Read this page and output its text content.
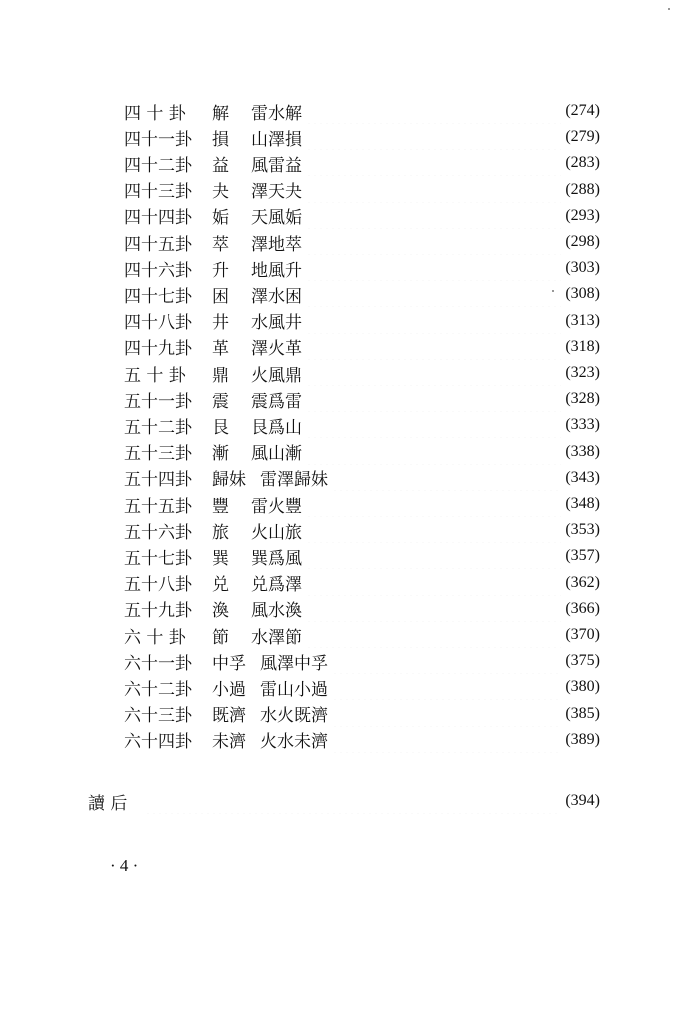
四 十 卦	解 雷水解	(274)
四十一卦	損 山澤損	(279)
四十二卦	益 風雷益	(283)
四十三卦	夬 澤天夬	(288)
四十四卦	姤 天風姤	(293)
四十五卦	萃 澤地萃	(298)
四十六卦	升 地風升	(303)
四十七卦	困 澤水困	(308)
四十八卦	井 水風井	(313)
四十九卦	革 澤火革	(318)
五 十 卦	鼎 火風鼎	(323)
五十一卦	震 震爲雷	(328)
五十二卦	艮 艮爲山	(333)
五十三卦	漸 風山漸	(338)
五十四卦	歸妹 雷澤歸妹	(343)
五十五卦	豐 雷火豐	(348)
五十六卦	旅 火山旅	(353)
五十七卦	巽 巽爲風	(357)
五十八卦	兑 兑爲澤	(362)
五十九卦	渙 風水渙	(366)
六 十 卦	節 水澤節	(370)
六十一卦	中孚 風澤中孚	(375)
六十二卦	小過 雷山小過	(380)
六十三卦	既濟 水火既濟	(385)
六十四卦	未濟 火水未濟	(389)
讀 后	(394)
· 4 ·
